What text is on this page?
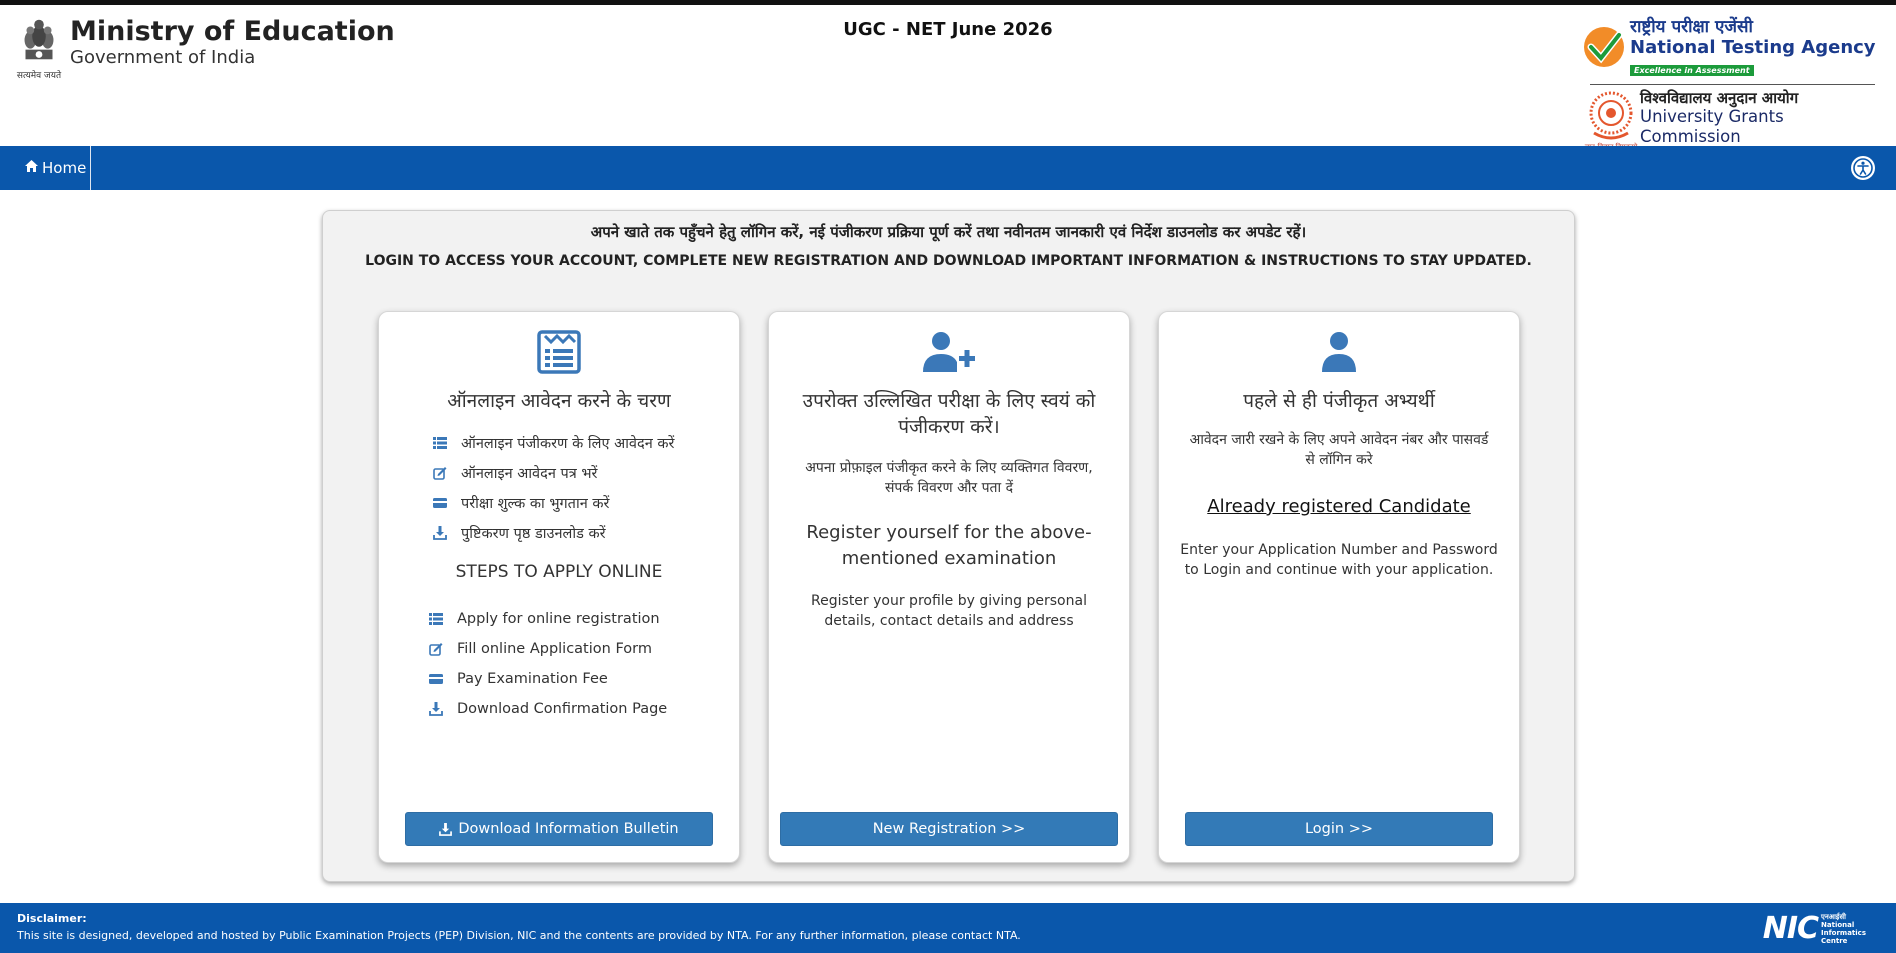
सत्यमेव जयते
Ministry of Education
Government of India
UGC - NET June 2026	राष्ट्रीय परीक्षा एजेंसी
National Testing Agency
Excellence in Assessment
विश्वविद्यालय अनुदान आयोग
University Grants Commission
Home
अपने खाते तक पहुँचने हेतु लॉगिन करें, नई पंजीकरण प्रक्रिया पूर्ण करें तथा नवीनतम जानकारी एवं निर्देश डाउनलोड कर अपडेट रहें।
LOGIN TO ACCESS YOUR ACCOUNT, COMPLETE NEW REGISTRATION AND DOWNLOAD IMPORTANT INFORMATION & INSTRUCTIONS TO STAY UPDATED.
ऑनलाइन आवेदन करने के चरण
ऑनलाइन पंजीकरण के लिए आवेदन करें
ऑनलाइन आवेदन पत्र भरें
परीक्षा शुल्क का भुगतान करें
पुष्टिकरण पृष्ठ डाउनलोड करें
STEPS TO APPLY ONLINE
Apply for online registration
Fill online Application Form
Pay Examination Fee
Download Confirmation Page
Download Information Bulletin
उपरोक्त उल्लिखित परीक्षा के लिए स्वयं को पंजीकरण करें।
अपना प्रोफ़ाइल पंजीकृत करने के लिए व्यक्तिगत विवरण, संपर्क विवरण और पता दें
Register yourself for the above-mentioned examination
Register your profile by giving personal details, contact details and address
New Registration >>
पहले से ही पंजीकृत अभ्यर्थी
आवेदन जारी रखने के लिए अपने आवेदन नंबर और पासवर्ड से लॉगिन करे
Already registered Candidate
Enter your Application Number and Password to Login and continue with your application.
Login >>
Disclaimer:
This site is designed, developed and hosted by Public Examination Projects (PEP) Division, NIC and the contents are provided by NTA. For any further information, please contact NTA.	NIC एनआईसी
National
Informatics
Centre
